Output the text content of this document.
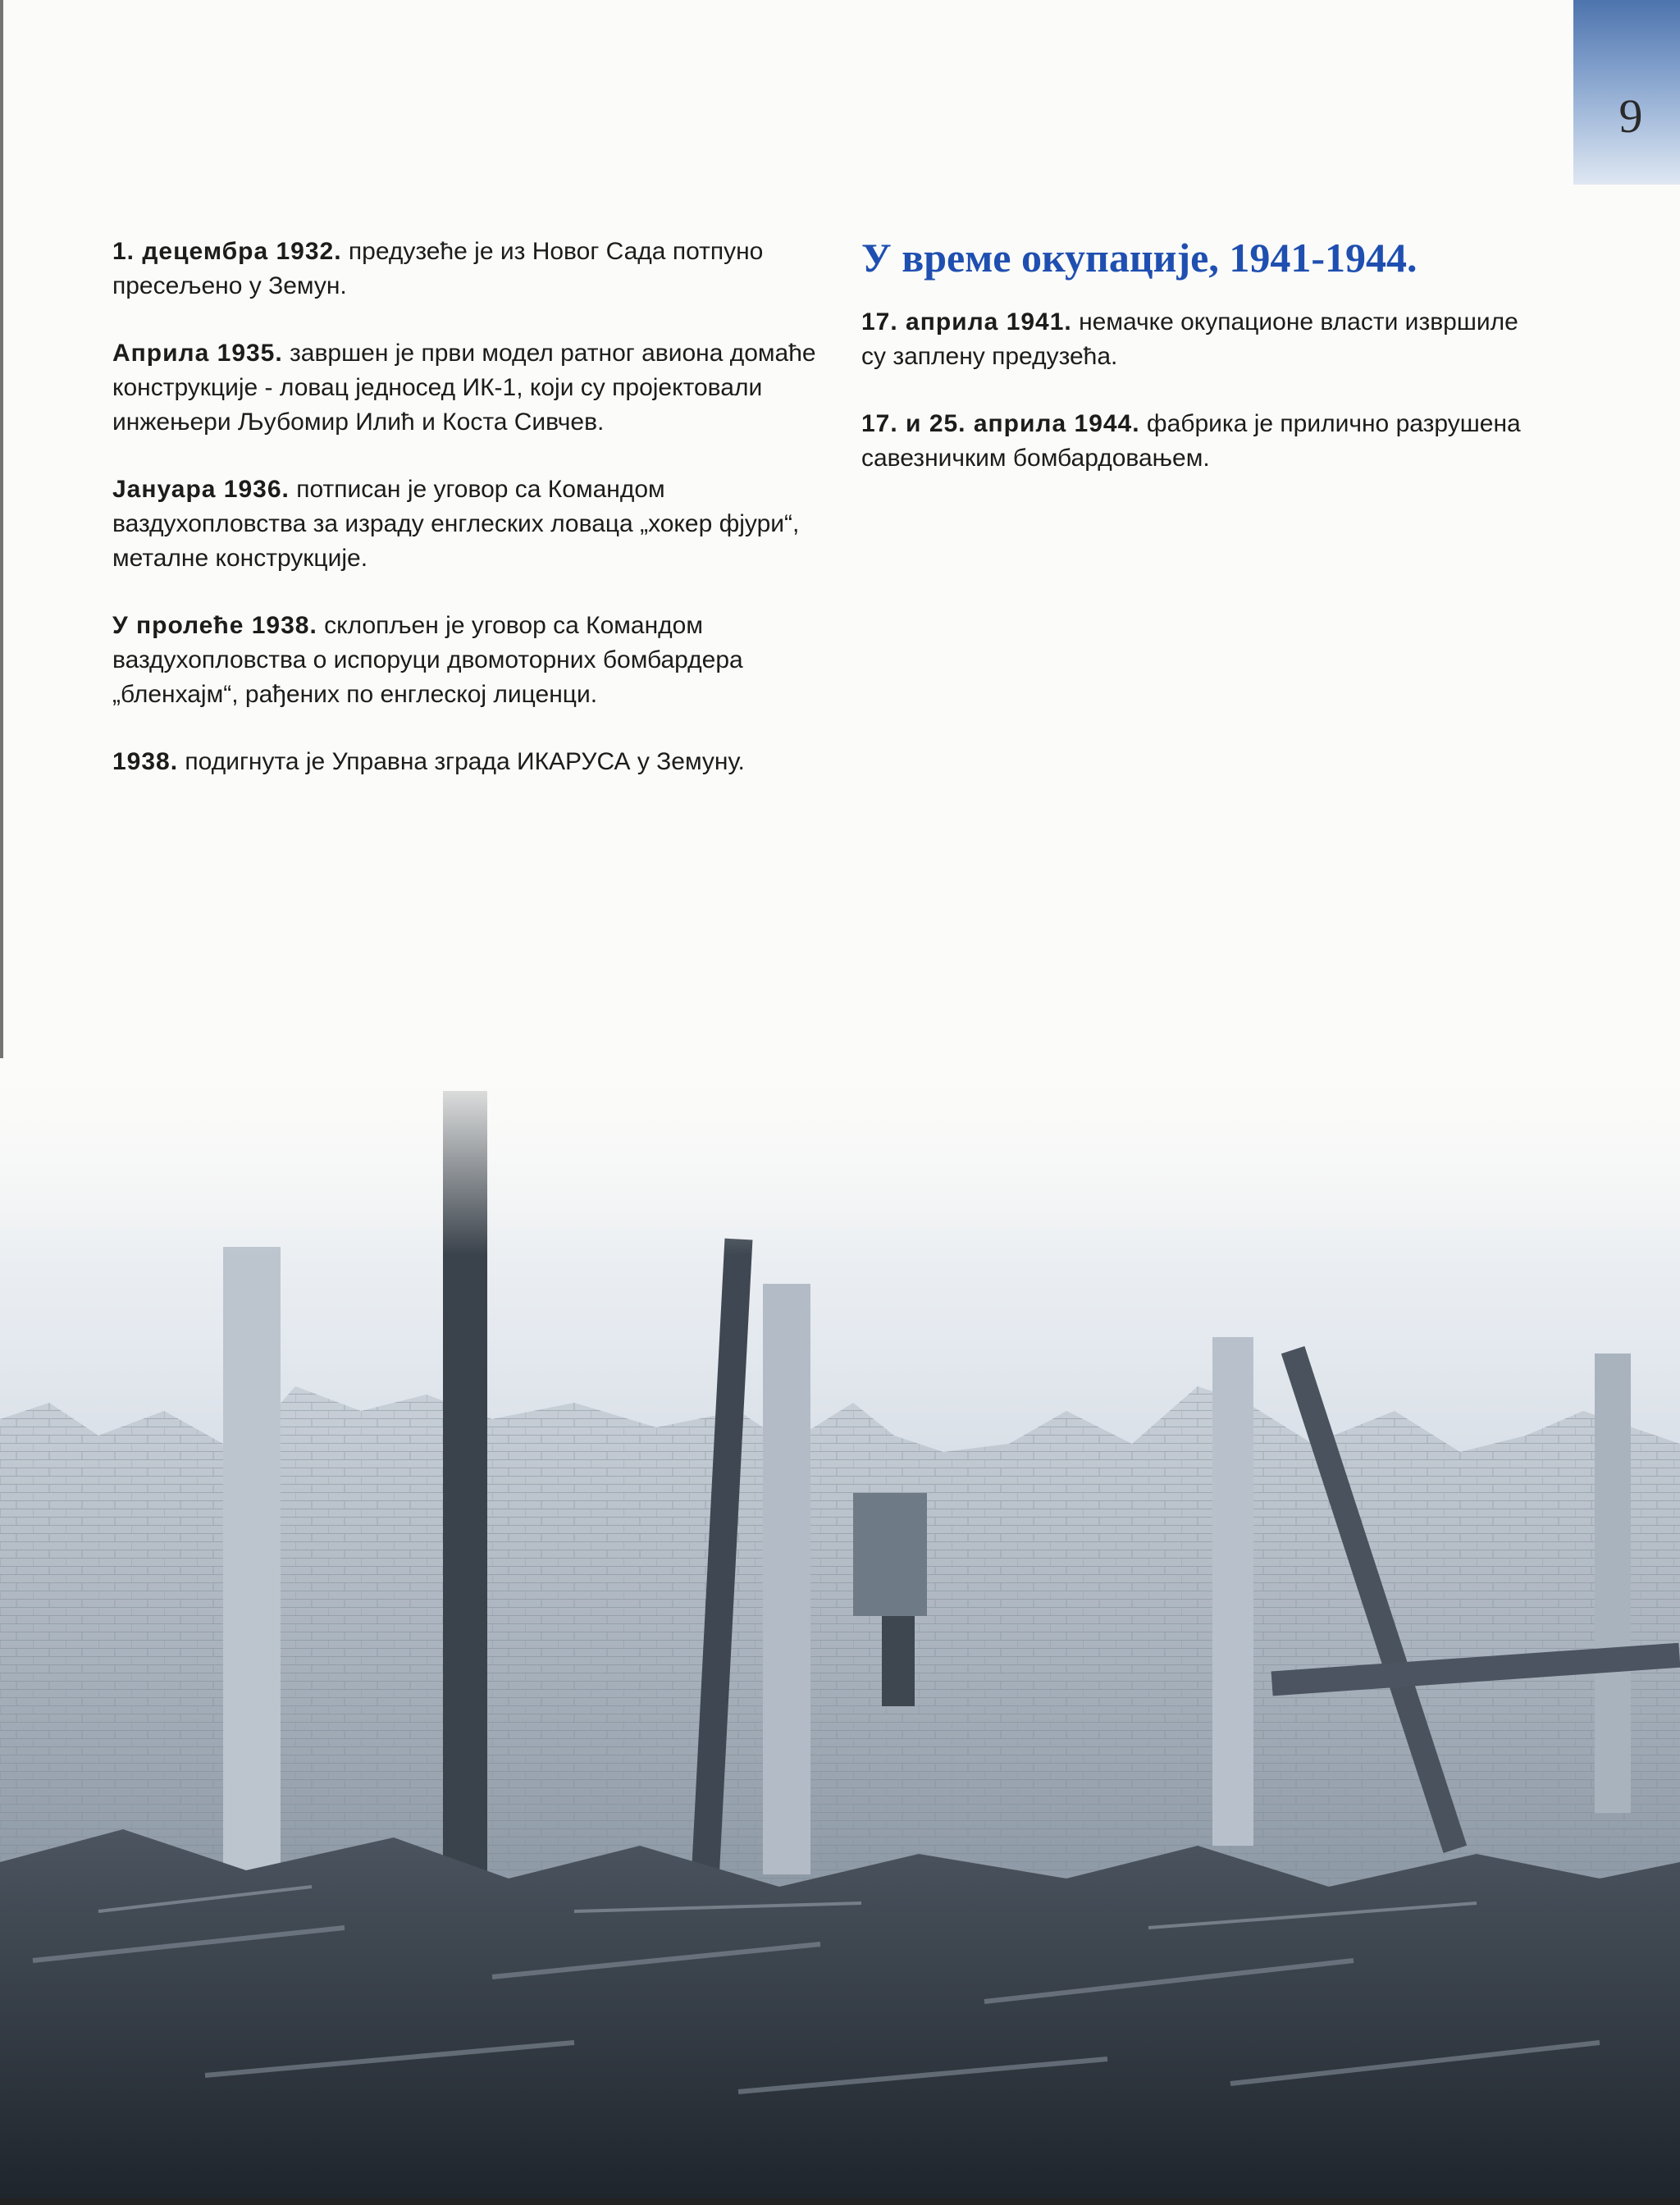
9

1. децембра 1932. предузеће је из Новог Сада потпуно пресељено у Земун.

Априла 1935. завршен је први модел ратног авиона домаће конструкције - ловац једносед ИК-1, који су пројектовали инжењери Љубомир Илић и Коста Сивчев.

Јануара 1936. потписан је уговор са Командом ваздухопловства за израду енглеских ловаца „хокер фјури“, металне конструкције.

У пролеће 1938. склопљен је уговор са Командом ваздухопловства о испоруци двомоторних бомбардера „бленхајм“, рађених по енглеској лиценци.

1938. подигнута је Управна зграда ИКАРУСА у Земуну.

У време окупације, 1941-1944.

17. априла 1941. немачке окупационе власти извршиле су заплену предузећа.

17. и 25. априла 1944. фабрика је прилично разрушена савезничким бомбардовањем.
